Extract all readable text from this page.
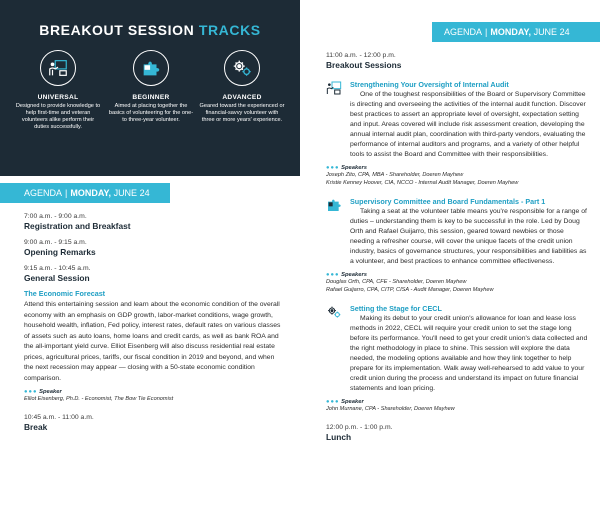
BREAKOUT SESSION TRACKS
UNIVERSAL
Designed to provide knowledge to help first-time and veteran volunteers alike perform their duties successfully.
BEGINNER
Aimed at placing together the basics of volunteering for the one- to three-year volunteer.
ADVANCED
Geared toward the experienced or financial-savvy volunteer with three or more years' experience.
AGENDA | MONDAY, JUNE 24
7:00 a.m. - 9:00 a.m.
Registration and Breakfast
9:00 a.m. - 9:15 a.m.
Opening Remarks
9:15 a.m. - 10:45 a.m.
General Session
The Economic Forecast
Attend this entertaining session and learn about the economic condition of the overall economy with an emphasis on GDP growth, labor-market conditions, wage growth, household wealth, inflation, Fed policy, interest rates, default rates on various classes of assets such as auto loans, home loans and credit cards, as well as bank ROA and the all-important yield curve. Elliot Eisenberg will also discuss residential real estate prices, agricultural prices, tariffs, our fiscal condition in 2019 and beyond, and when the next recession may appear — closing with a 50-state economic condition comparison.
●●● Speaker
Elliot Eisenberg, Ph.D. - Economist, The Bow Tie Economist
10:45 a.m. - 11:00 a.m.
Break
AGENDA | MONDAY, JUNE 24
11:00 a.m. - 12:00 p.m.
Breakout Sessions
Strengthening Your Oversight of Internal Audit
One of the toughest responsibilities of the Board or Supervisory Committee is directing and overseeing the activities of the internal audit function. Discover best practices to assert an appropriate level of oversight, expectation setting and input. Areas covered will include risk assessment creation, developing the annual internal audit plan, coordination with third-party vendors, evaluating the performance of internal auditors and programs, and a variety of other helpful tools to assist the Board and Committee with their responsibilities.
●●● Speakers
Joseph Zito, CPA, MBA - Shareholder, Doeren Mayhew
Kristie Kenney Hoover, CIA, NCCO - Internal Audit Manager, Doeren Mayhew
Supervisory Committee and Board Fundamentals - Part 1
Taking a seat at the volunteer table means you're responsible for a range of duties – understanding them is key to be successful in the role. Led by Doug Orth and Rafael Guijarro, this session, geared toward newbies or those needing a refresher course, will cover the unique facets of the credit union industry, basics of governance structures, your responsibilities and liabilities as a volunteer, and best practices to enhance committee effectiveness.
●●● Speakers
Douglas Orth, CPA, CFE - Shareholder, Doeren Mayhew
Rafael Guijarro, CPA, CITP, CISA - Audit Manager, Doeren Mayhew
Setting the Stage for CECL
Making its debut to your credit union's allowance for loan and lease loss methods in 2022, CECL will require your credit union to set the stage long before its performance. You'll need to get your credit union's data collected and the right methodology in place to shine. This session will explore the data needed, the modeling options available and how they link together to help prepare for its implementation. Walk away well-rehearsed to add value to your credit union during the process and understand its impact on future financial statements and loan pricing.
●●● Speaker
John Murnane, CPA - Shareholder, Doeren Mayhew
12:00 p.m. - 1:00 p.m.
Lunch
